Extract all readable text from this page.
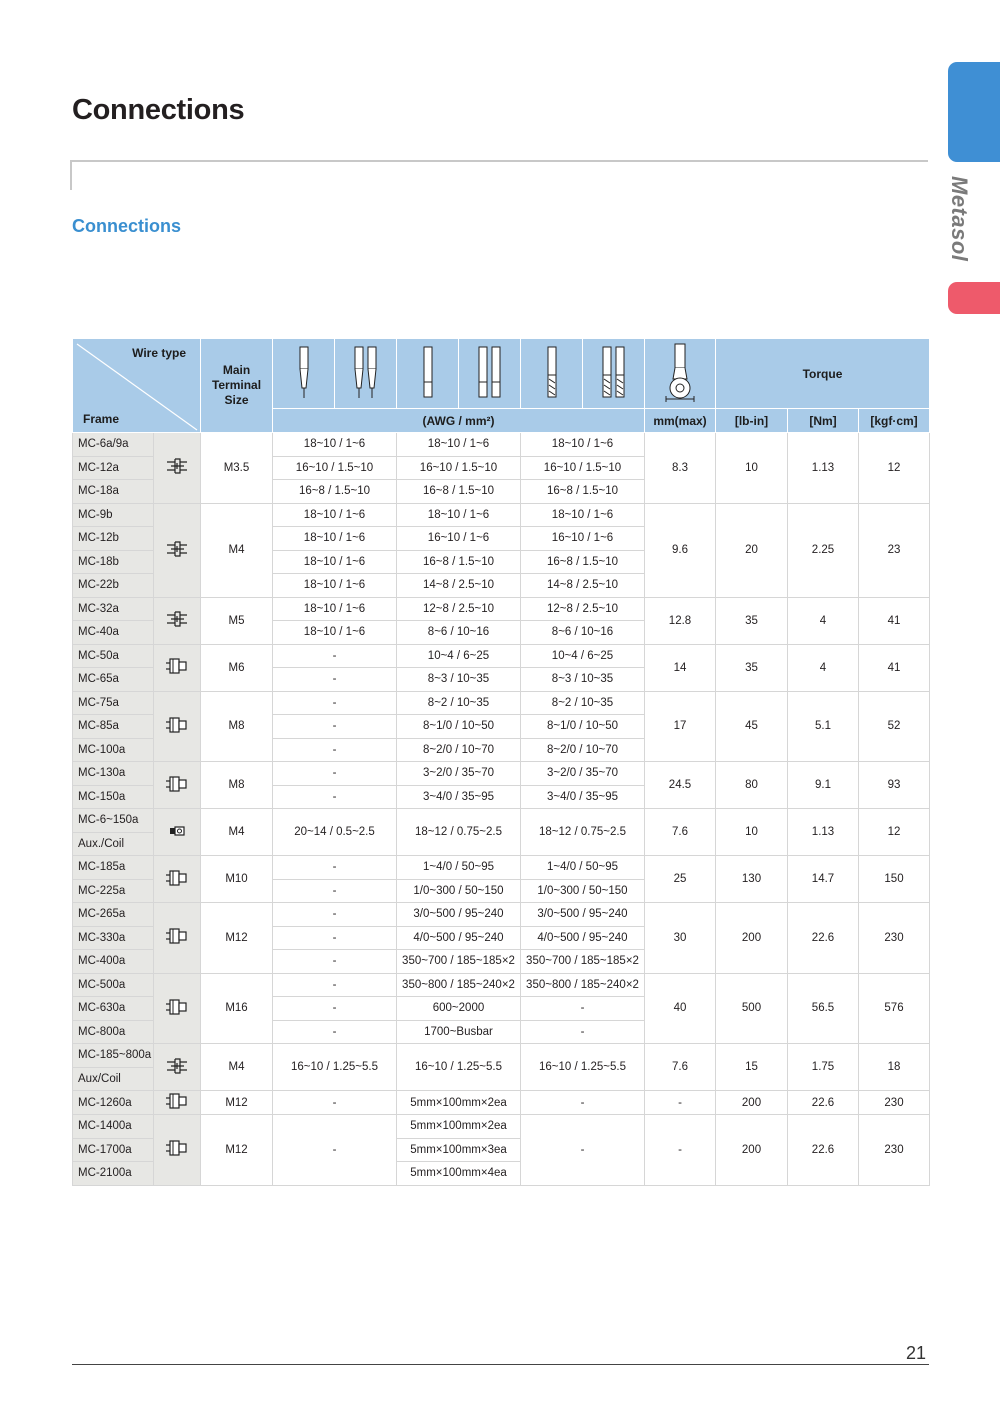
Connections
Connections	Metasol
Wire type
Frame		Main Terminal Size								Torque		
			(AWG / mm²)						mm(max)	[lb-in]	[Nm]	[kgf·cm]
MC-6a/9a		M3.5	18~10 / 1~6		18~10 / 1~6		18~10 / 1~6		8.3	10	1.13	12
MC-12a			16~10 / 1.5~10		16~10 / 1.5~10		16~10 / 1.5~10					
MC-18a			16~8 / 1.5~10		16~8 / 1.5~10		16~8 / 1.5~10					
MC-9b		M4	18~10 / 1~6		18~10 / 1~6		18~10 / 1~6		9.6	20	2.25	23
MC-12b			18~10 / 1~6		16~10 / 1~6		16~10 / 1~6					
MC-18b			18~10 / 1~6		16~8 / 1.5~10		16~8 / 1.5~10					
MC-22b			18~10 / 1~6		14~8 / 2.5~10		14~8 / 2.5~10					
MC-32a		M5	18~10 / 1~6		12~8 / 2.5~10		12~8 / 2.5~10		12.8	35	4	41
MC-40a			18~10 / 1~6		8~6 / 10~16		8~6 / 10~16					
MC-50a		M6	-		10~4 / 6~25		10~4 / 6~25		14	35	4	41
MC-65a			-		8~3 / 10~35		8~3 / 10~35					
MC-75a		M8	-		8~2 / 10~35		8~2 / 10~35		17	45	5.1	52
MC-85a			-		8~1/0 / 10~50		8~1/0 / 10~50					
MC-100a			-		8~2/0 / 10~70		8~2/0 / 10~70					
MC-130a		M8	-		3~2/0 / 35~70		3~2/0 / 35~70		24.5	80	9.1	93
MC-150a			-		3~4/0 / 35~95		3~4/0 / 35~95					
MC-6~150a		M4	20~14 / 0.5~2.5		18~12 / 0.75~2.5		18~12 / 0.75~2.5		7.6	10	1.13	12
Aux./Coil												
MC-185a		M10	-		1~4/0 / 50~95		1~4/0 / 50~95		25	130	14.7	150
MC-225a			-		1/0~300 / 50~150		1/0~300 / 50~150					
MC-265a		M12	-		3/0~500 / 95~240		3/0~500 / 95~240		30	200	22.6	230
MC-330a			-		4/0~500 / 95~240		4/0~500 / 95~240					
MC-400a			-		350~700 / 185~185×2		350~700 / 185~185×2					
MC-500a		M16	-		350~800 / 185~240×2		350~800 / 185~240×2		40	500	56.5	576
MC-630a			-		600~2000		-					
MC-800a			-		1700~Busbar		-					
MC-185~800a		M4	16~10 / 1.25~5.5		16~10 / 1.25~5.5		16~10 / 1.25~5.5		7.6	15	1.75	18
Aux/Coil												
MC-1260a		M12	-		5mm×100mm×2ea		-		-	200	22.6	230
MC-1400a		M12	-		5mm×100mm×2ea		-		-	200	22.6	230
MC-1700a					5mm×100mm×3ea							
MC-2100a					5mm×100mm×4ea							
21
